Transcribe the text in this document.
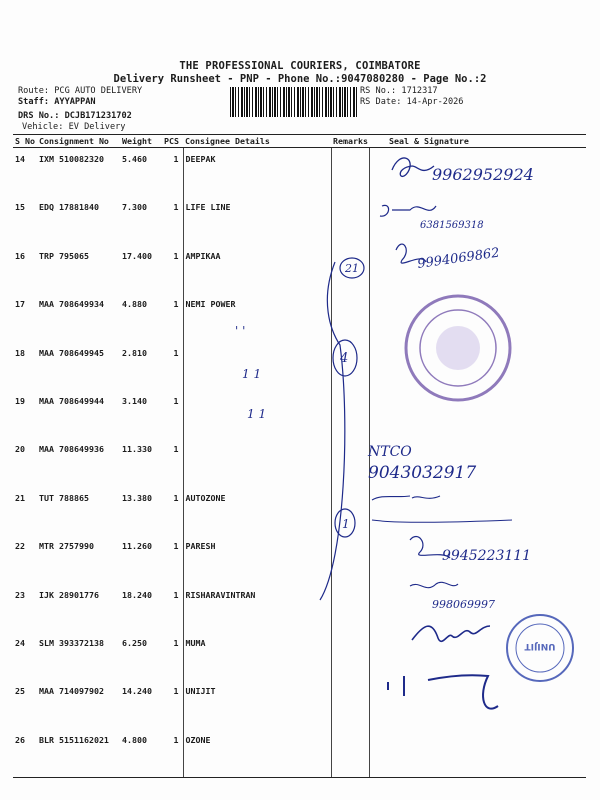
THE PROFESSIONAL COURIERS, COIMBATORE
Delivery Runsheet - PNP - Phone No.:9047080280 - Page No.:2
Route: PCG AUTO DELIVERY
Staff: AYYAPPAN
DRS No.: DCJB171231702
Vehicle: EV Delivery
RS No.: 1712317
RS Date: 14-Apr-2026
S No	Consignment No	Weight	PCS	Consignee Details	Remarks	Seal & Signature
14	IXM 510082320	5.460	1	DEEPAK		
15	EDQ 17881840	7.300	1	LIFE LINE		
16	TRP 795065	17.400	1	AMPIKAA		
17	MAA 708649934	4.880	1	NEMI POWER		
18	MAA 708649945	2.810	1			
19	MAA 708649944	3.140	1			
20	MAA 708649936	11.330	1			
21	TUT 788865	13.380	1	AUTOZONE		
22	MTR 2757990	11.260	1	PARESH		
23	IJK 28901776	18.240	1	RISHARAVINTRAN		
24	SLM 393372138	6.250	1	MUMA		
25	MAA 714097902	14.240	1	UNIJIT		
26	BLR 5151162021	4.800	1	OZONE		
UNIJIT
21
4
1
' '
1 1
1 1
9962952924
6381569318
9994069862
NTCO
9043032917
9945223111
998069997
